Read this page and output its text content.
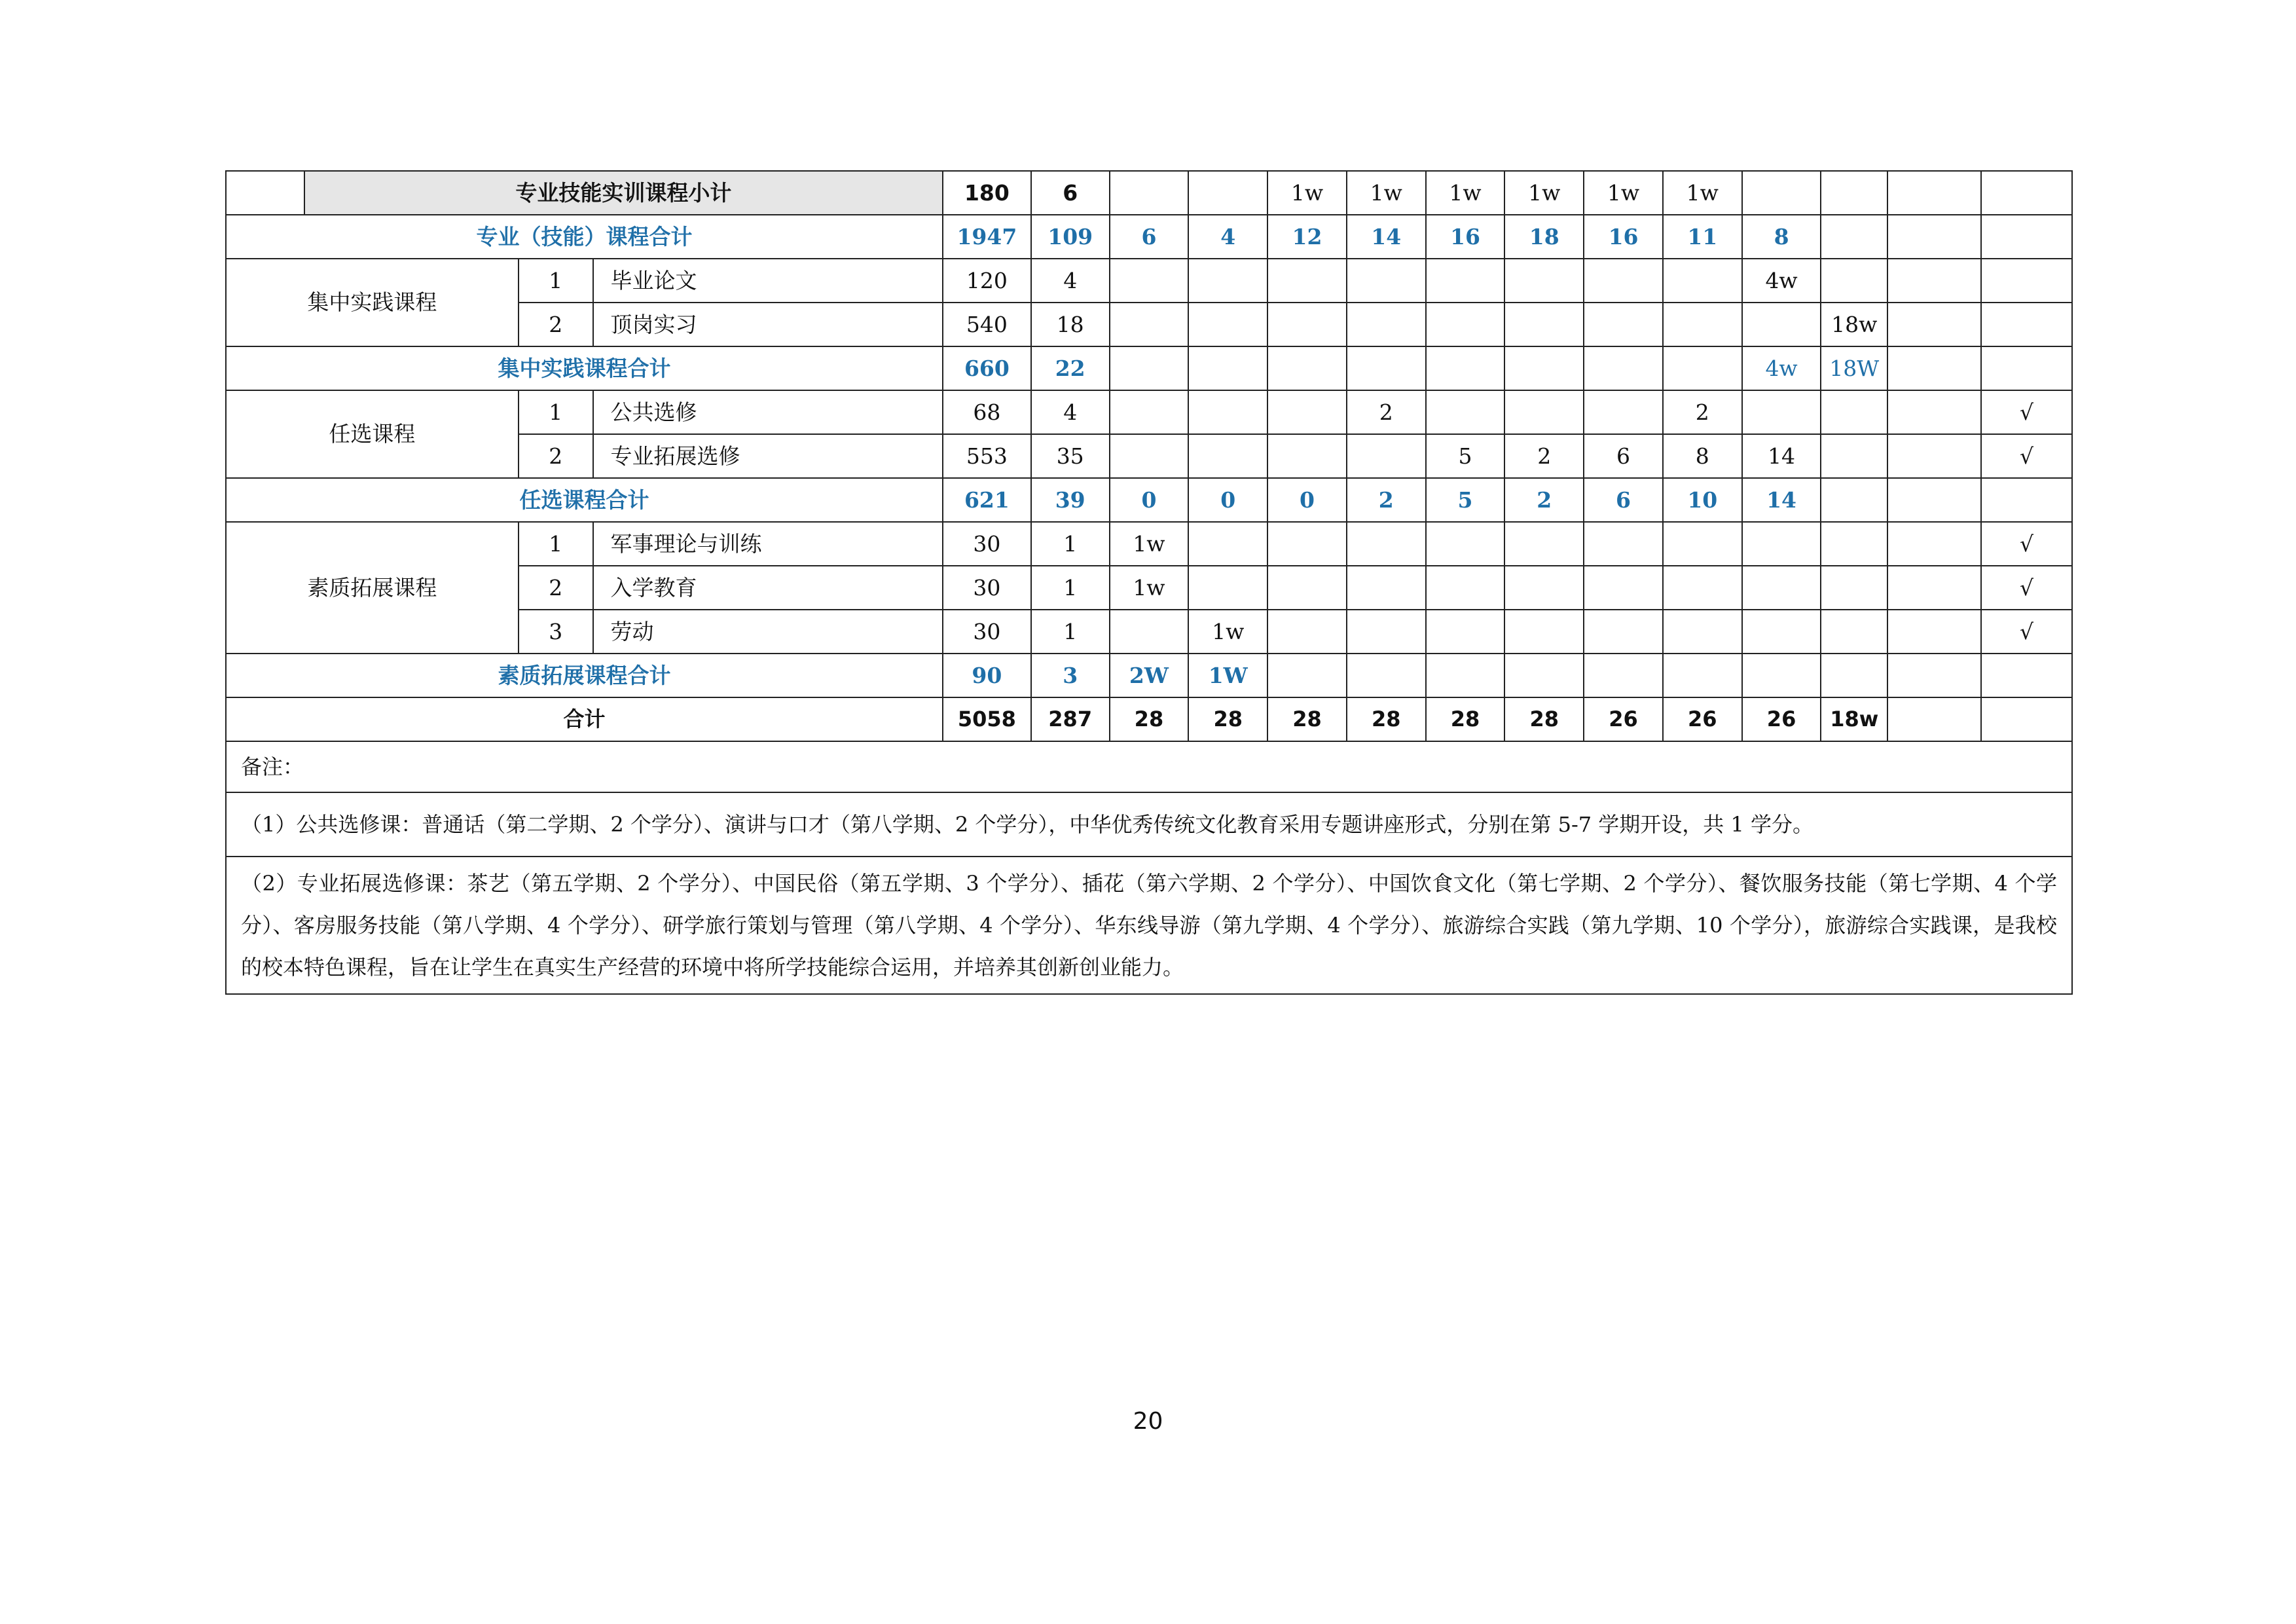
	专业技能实训课程小计			180	6			1w	1w	1w	1w	1w	1w				
专业（技能）课程合计				1947	109	6	4	12	14	16	18	16	11	8			
集中实践课程		1	毕业论文	120	4									4w			
		2	顶岗实习	540	18										18w		
集中实践课程合计				660	22									4w	18W		
任选课程		1	公共选修	68	4				2				2				√
		2	专业拓展选修	553	35					5	2	6	8	14			√
任选课程合计				621	39	0	0	0	2	5	2	6	10	14			
素质拓展课程		1	军事理论与训练	30	1	1w											√
		2	入学教育	30	1	1w											√
		3	劳动	30	1		1w										√
素质拓展课程合计				90	3	2W	1W										
合计				5058	287	28	28	28	28	28	28	26	26	26	18w		
备注：																	
（1）公共选修课：普通话（第二学期、2 个学分）、演讲与口才（第八学期、2 个学分），中华优秀传统文化教育采用专题讲座形式，分别在第 5-7 学期开设，共 1 学分。																	
（2）专业拓展选修课：茶艺（第五学期、2 个学分）、中国民俗（第五学期、3 个学分）、插花（第六学期、2 个学分）、中国饮食文化（第七学期、2 个学分）、餐饮服务技能（第七学期、4 个学分）、客房服务技能（第八学期、4 个学分）、研学旅行策划与管理（第八学期、4 个学分）、华东线导游（第九学期、4 个学分）、旅游综合实践（第九学期、10 个学分），旅游综合实践课，是我校的校本特色课程，旨在让学生在真实生产经营的环境中将所学技能综合运用，并培养其创新创业能力。																	
20
